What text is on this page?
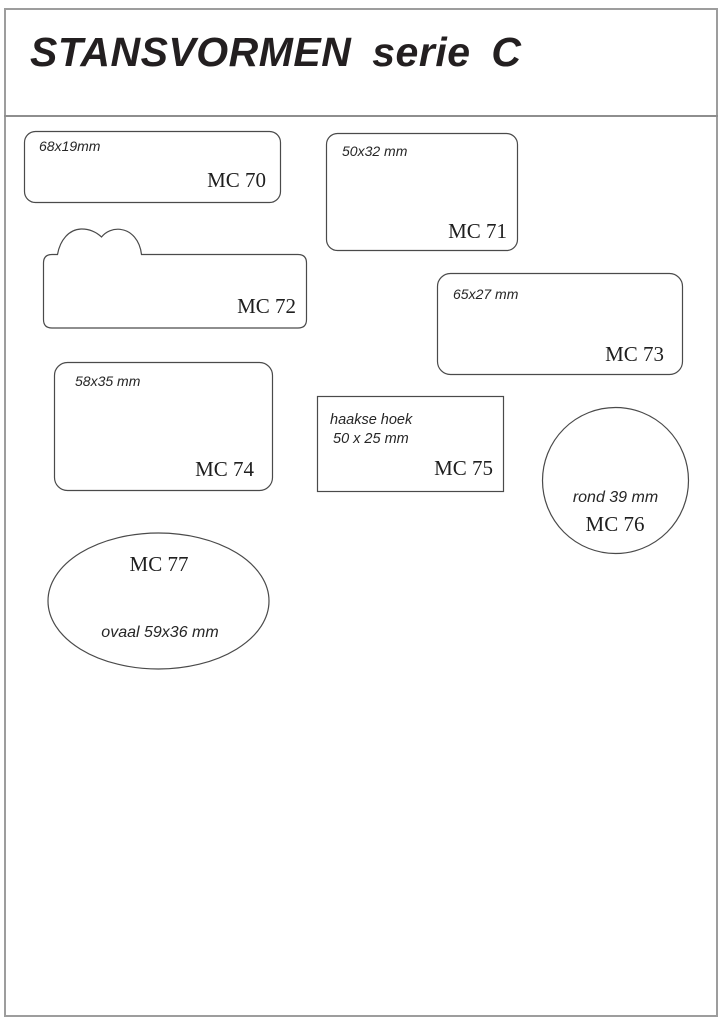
STANSVORMEN serie C
68x19mm
MC 70
50x32 mm
MC 71
MC 72	65x27 mm
MC 73
58x35 mm
MC 74
haakse hoek
50 x 25 mm
MC 75
rond 39 mm
MC 76
MC 77
ovaal 59x36 mm
